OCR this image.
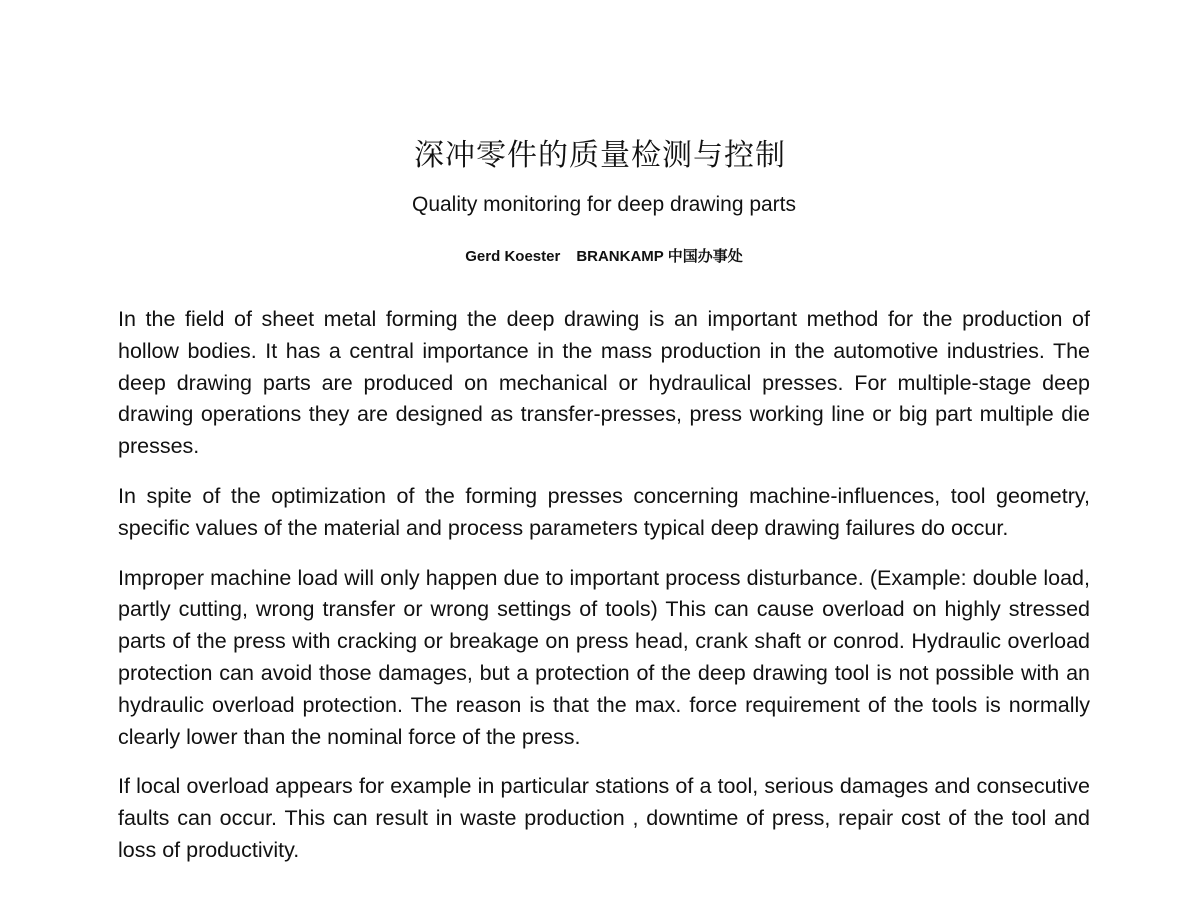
深冲零件的质量检测与控制
Quality monitoring for deep drawing parts
Gerd Koester BRANKAMP 中国办事处

In the field of sheet metal forming the deep drawing is an important method for the production of hollow bodies. It has a central importance in the mass production in the automotive industries. The deep drawing parts are produced on mechanical or hydraulical presses. For multiple-stage deep drawing operations they are designed as transfer-presses, press working line or big part multiple die presses.

In spite of the optimization of the forming presses concerning machine-influences, tool geometry, specific values of the material and process parameters typical deep drawing failures do occur.

Improper machine load will only happen due to important process disturbance. (Example: double load, partly cutting, wrong transfer or wrong settings of tools) This can cause overload on highly stressed parts of the press with cracking or breakage on press head, crank shaft or conrod. Hydraulic overload protection can avoid those damages, but a protection of the deep drawing tool is not possible with an hydraulic overload protection. The reason is that the max. force requirement of the tools is normally clearly lower than the nominal force of the press.

If local overload appears for example in particular stations of a tool, serious damages and consecutive faults can occur. This can result in waste production , downtime of press, repair cost of the tool and loss of productivity.
